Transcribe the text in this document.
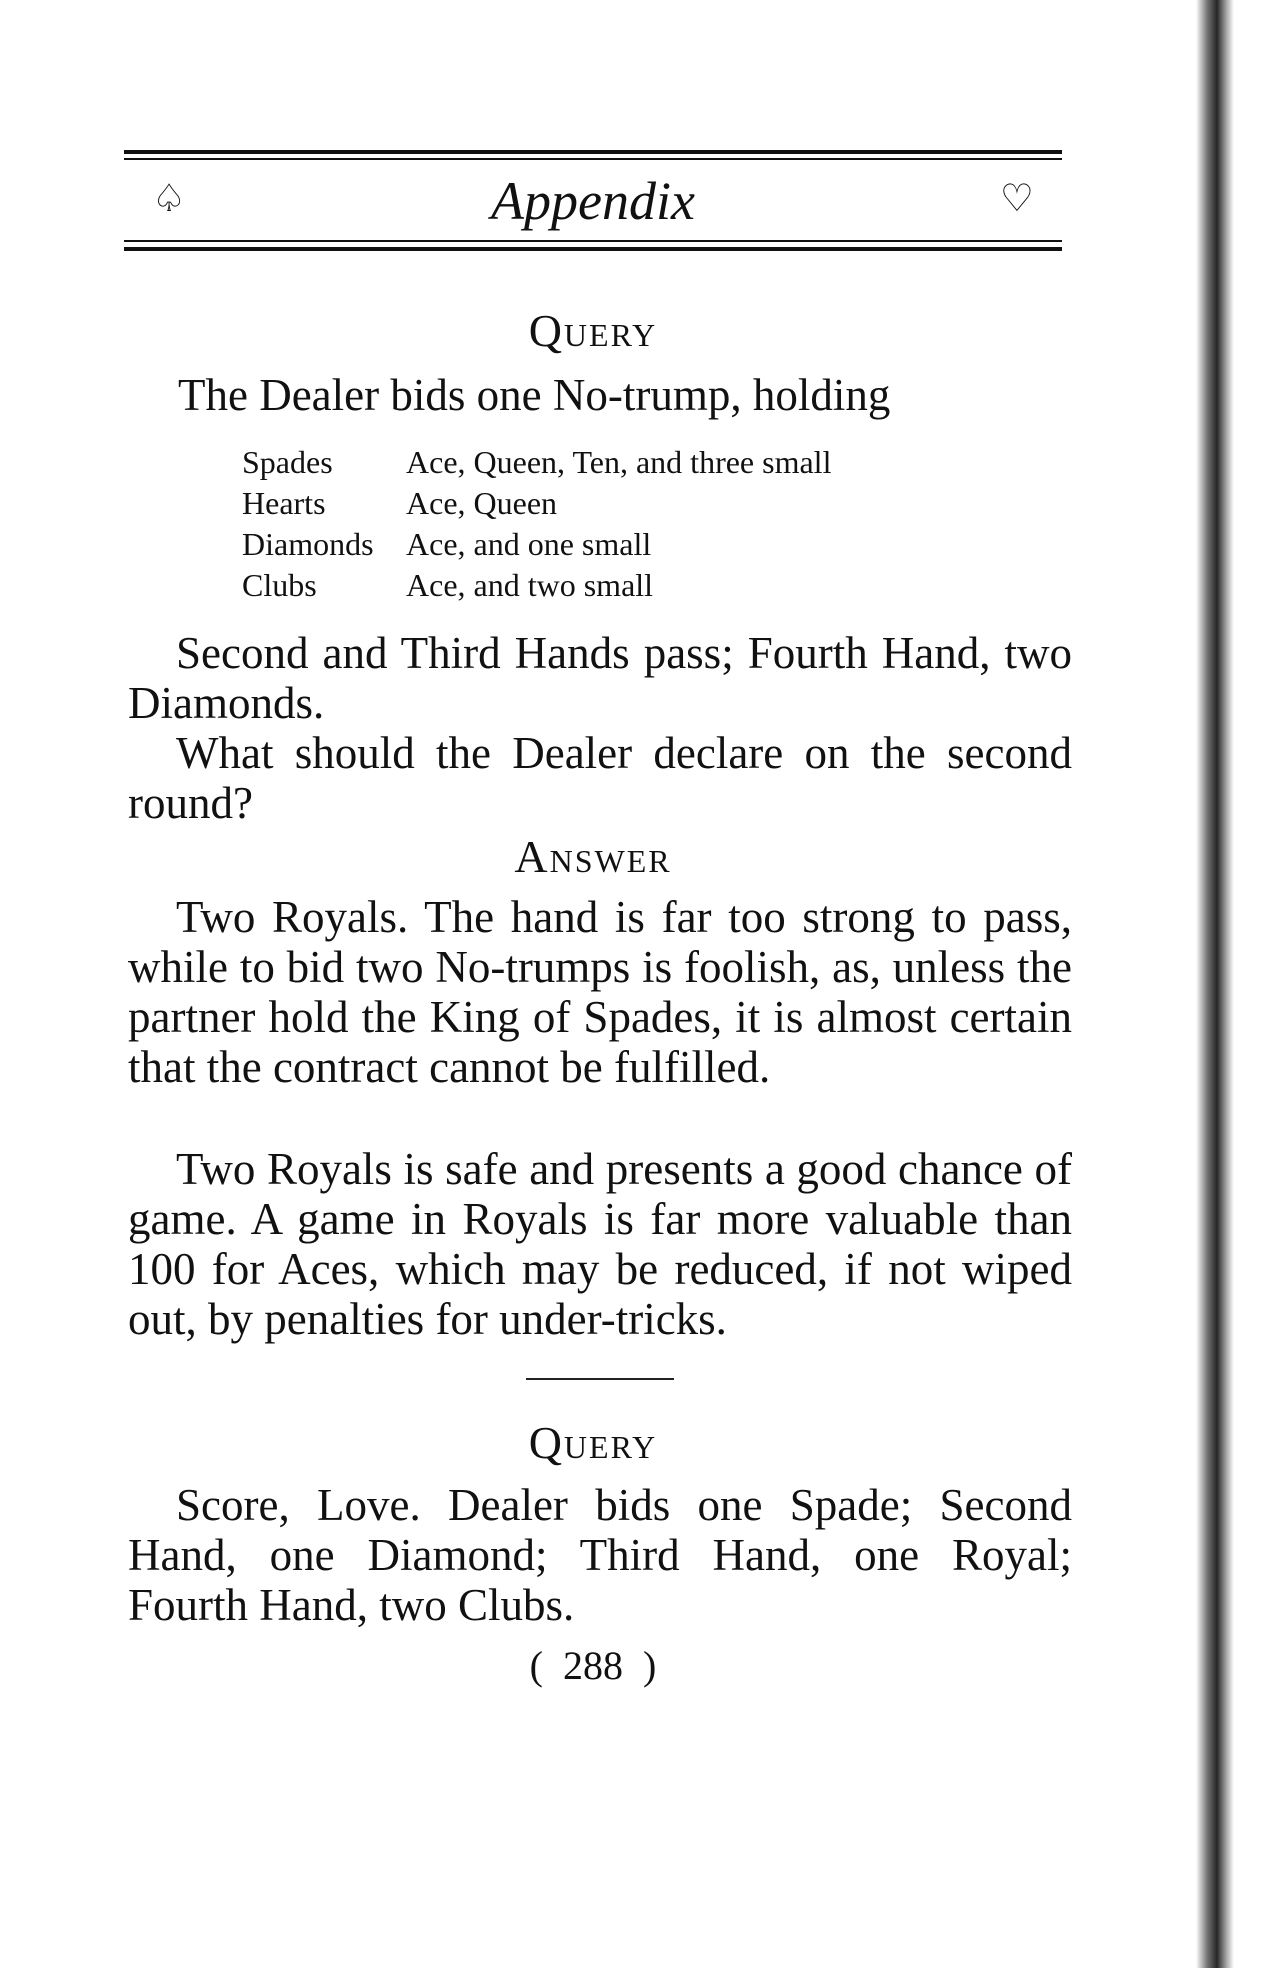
♤	Appendix	♡
Query
The Dealer bids one No-trump, holding
Spades	Ace, Queen, Ten, and three small
Hearts	Ace, Queen
Diamonds	Ace, and one small
Clubs	Ace, and two small
Second and Third Hands pass; Fourth Hand, two Diamonds.
What should the Dealer declare on the second round?
Answer
Two Royals. The hand is far too strong to pass, while to bid two No-trumps is foolish, as, unless the partner hold the King of Spades, it is almost certain that the contract cannot be fulfilled.
Two Royals is safe and presents a good chance of game. A game in Royals is far more valuable than 100 for Aces, which may be reduced, if not wiped out, by penalties for under-tricks.
Query
Score, Love. Dealer bids one Spade; Second Hand, one Diamond; Third Hand, one Royal; Fourth Hand, two Clubs.
( 288 )
